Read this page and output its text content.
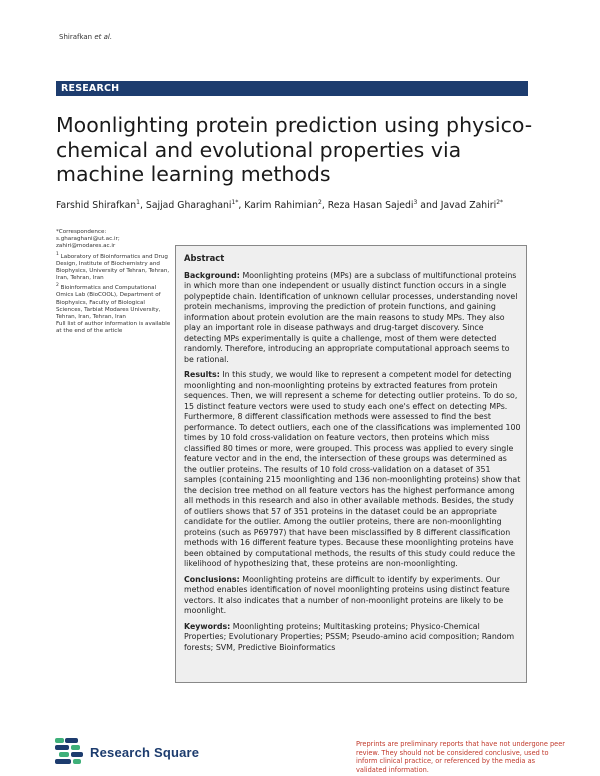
Shirafkan et al.
RESEARCH
Moonlighting protein prediction using physico-chemical and evolutional properties via machine learning methods
Farshid Shirafkan$^1$, Sajjad Gharaghani$^{1*}$, Karim Rahimian$^2$, Reza Hasan Sajedi$^3$ and Javad Zahiri$^{2*}$

*Correspondence:

s.gharaghani@ut.ac.ir;

zahiri@modares.ac.ir

$^1$ Laboratory of Bioinformatics and Drug Design, Institute of Biochemistry and Biophysics, University of Tehran, Tehran, Iran, Tehran, Iran

$^2$ Bioinformatics and Computational Omics Lab (BioCOOL), Department of Biophysics, Faculty of Biological Sciences, Tarbiat Modares University, Tehran, Iran, Tehran, Iran

Full list of author information is available at the end of the article

Abstract

Background: Moonlighting proteins (MPs) are a subclass of multifunctional proteins in which more than one independent or usually distinct function occurs in a single polypeptide chain. Identification of unknown cellular processes, understanding novel protein mechanisms, improving the prediction of protein functions, and gaining information about protein evolution are the main reasons to study MPs. They also play an important role in disease pathways and drug-target discovery. Since detecting MPs experimentally is quite a challenge, most of them were detected randomly. Therefore, introducing an appropriate computational approach seems to be rational.

Results: In this study, we would like to represent a competent model for detecting moonlighting and non-moonlighting proteins by extracted features from protein sequences. Then, we will represent a scheme for detecting outlier proteins. To do so, 15 distinct feature vectors were used to study each one's effect on detecting MPs. Furthermore, 8 different classification methods were assessed to find the best performance. To detect outliers, each one of the classifications was implemented 100 times by 10 fold cross-validation on feature vectors, then proteins which miss classified 80 times or more, were grouped. This process was applied to every single feature vector and in the end, the intersection of these groups was determined as the outlier proteins. The results of 10 fold cross-validation on a dataset of 351 samples (containing 215 moonlighting and 136 non-moonlighting proteins) show that the decision tree method on all feature vectors has the highest performance among all methods in this research and also in other available methods. Besides, the study of outliers shows that 57 of 351 proteins in the dataset could be an appropriate candidate for the outlier. Among the outlier proteins, there are non-moonlighting proteins (such as P69797) that have been misclassified by 8 different classification methods with 16 different feature types. Because these moonlighting proteins have been obtained by computational methods, the results of this study could reduce the likelihood of hypothesizing that, these proteins are non-moonlighting.

Conclusions: Moonlighting proteins are difficult to identify by experiments. Our method enables identification of novel moonlighting proteins using distinct feature vectors. It also indicates that a number of non-moonlight proteins are likely to be moonlight.

Keywords: Moonlighting proteins; Multitasking proteins; Physico-Chemical Properties; Evolutionary Properties; PSSM; Pseudo-amino acid composition; Random forests; SVM, Predictive Bioinformatics

Research Square
Preprints are preliminary reports that have not undergone peer review. They should not be considered conclusive, used to inform clinical practice, or referenced by the media as validated information.
